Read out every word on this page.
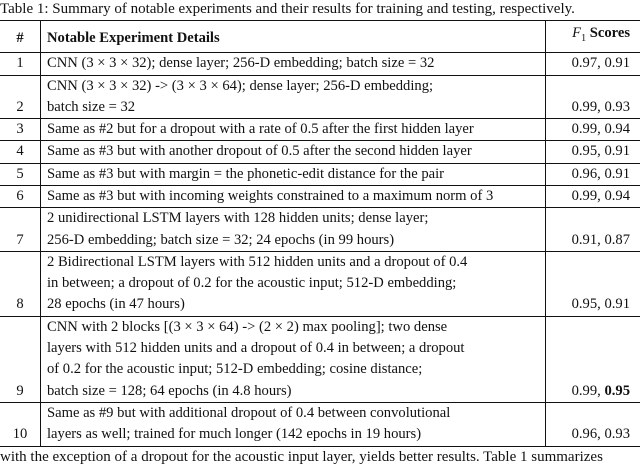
Table 1: Summary of notable experiments and their results for training and testing, respectively.
#	Notable Experiment Details	$F_1$ Scores
1	CNN (3 × 3 × 32); dense layer; 256-D embedding; batch size = 32	0.97, 0.91
2	CNN (3 × 3 × 32) -> (3 × 3 × 64); dense layer; 256-D embedding;
batch size = 32	0.99, 0.93
3	Same as #2 but for a dropout with a rate of 0.5 after the first hidden layer	0.99, 0.94
4	Same as #3 but with another dropout of 0.5 after the second hidden layer	0.95, 0.91
5	Same as #3 but with margin = the phonetic-edit distance for the pair	0.96, 0.91
6	Same as #3 but with incoming weights constrained to a maximum norm of 3	0.99, 0.94
7	2 unidirectional LSTM layers with 128 hidden units; dense layer;
256-D embedding; batch size = 32; 24 epochs (in 99 hours)	0.91, 0.87
8	2 Bidirectional LSTM layers with 512 hidden units and a dropout of 0.4
in between; a dropout of 0.2 for the acoustic input; 512-D embedding;
28 epochs (in 47 hours)	0.95, 0.91
9	CNN with 2 blocks [(3 × 3 × 64) -> (2 × 2) max pooling]; two dense
layers with 512 hidden units and a dropout of 0.4 in between; a dropout
of 0.2 for the acoustic input; 512-D embedding; cosine distance;
batch size = 128; 64 epochs (in 4.8 hours)	0.99, 0.95
10	Same as #9 but with additional dropout of 0.4 between convolutional
layers as well; trained for much longer (142 epochs in 19 hours)	0.96, 0.93
with the exception of a dropout for the acoustic input layer, yields better results. Table 1 summarizes
